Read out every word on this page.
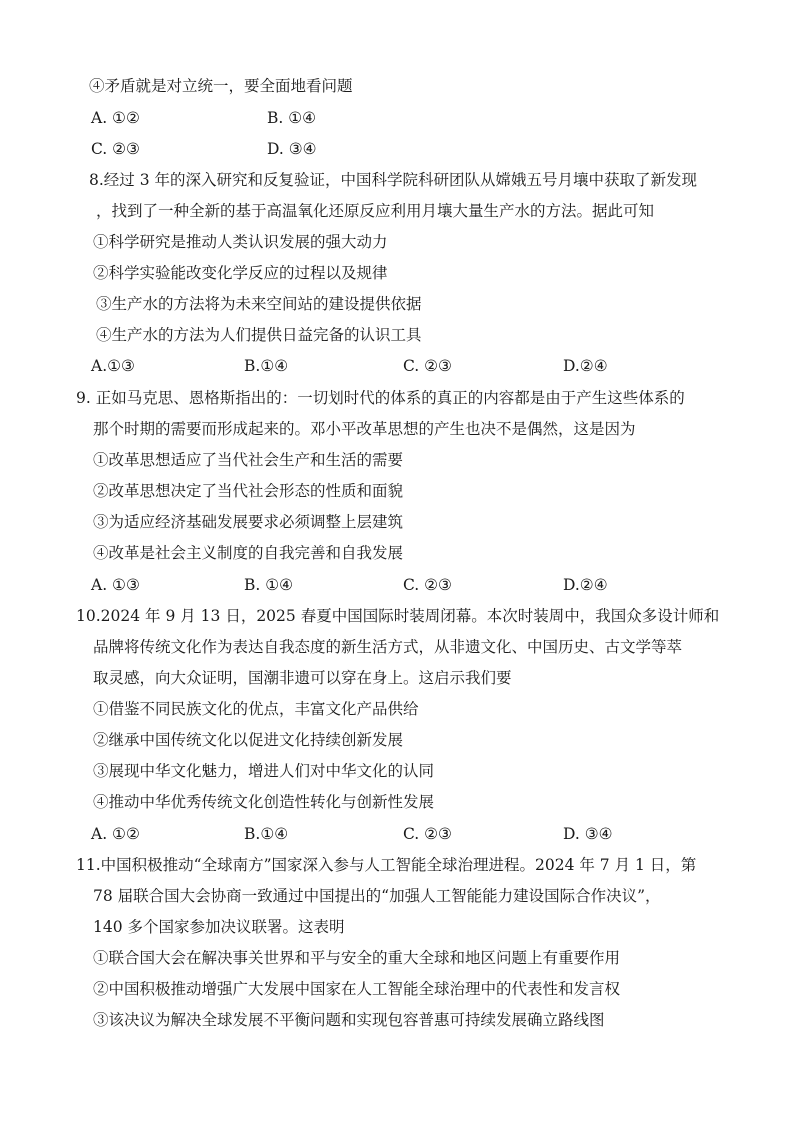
④矛盾就是对立统一，要全面地看问题
A. ①②	B. ①④
C. ②③	D. ③④
8.经过 3 年的深入研究和反复验证，中国科学院科研团队从嫦娥五号月壤中获取了新发现
，找到了一种全新的基于高温氧化还原反应利用月壤大量生产水的方法。据此可知
①科学研究是推动人类认识发展的强大动力
②科学实验能改变化学反应的过程以及规律
③生产水的方法将为未来空间站的建设提供依据
④生产水的方法为人们提供日益完备的认识工具
A.①③	B.①④	C. ②③	D.②④
9. 正如马克思、恩格斯指出的：一切划时代的体系的真正的内容都是由于产生这些体系的
那个时期的需要而形成起来的。邓小平改革思想的产生也决不是偶然，这是因为
①改革思想适应了当代社会生产和生活的需要
②改革思想决定了当代社会形态的性质和面貌
③为适应经济基础发展要求必须调整上层建筑
④改革是社会主义制度的自我完善和自我发展
A. ①③	B. ①④	C. ②③	D.②④
10.2024 年 9 月 13 日，2025 春夏中国国际时装周闭幕。本次时装周中，我国众多设计师和
品牌将传统文化作为表达自我态度的新生活方式，从非遗文化、中国历史、古文学等萃
取灵感，向大众证明，国潮非遗可以穿在身上。这启示我们要
①借鉴不同民族文化的优点，丰富文化产品供给
②继承中国传统文化以促进文化持续创新发展
③展现中华文化魅力，增进人们对中华文化的认同
④推动中华优秀传统文化创造性转化与创新性发展
A. ①②	B.①④	C. ②③	D. ③④
11.中国积极推动“全球南方”国家深入参与人工智能全球治理进程。2024 年 7 月 1 日，第
78 届联合国大会协商一致通过中国提出的“加强人工智能能力建设国际合作决议”，
140 多个国家参加决议联署。这表明
①联合国大会在解决事关世界和平与安全的重大全球和地区问题上有重要作用
②中国积极推动增强广大发展中国家在人工智能全球治理中的代表性和发言权
③该决议为解决全球发展不平衡问题和实现包容普惠可持续发展确立路线图
